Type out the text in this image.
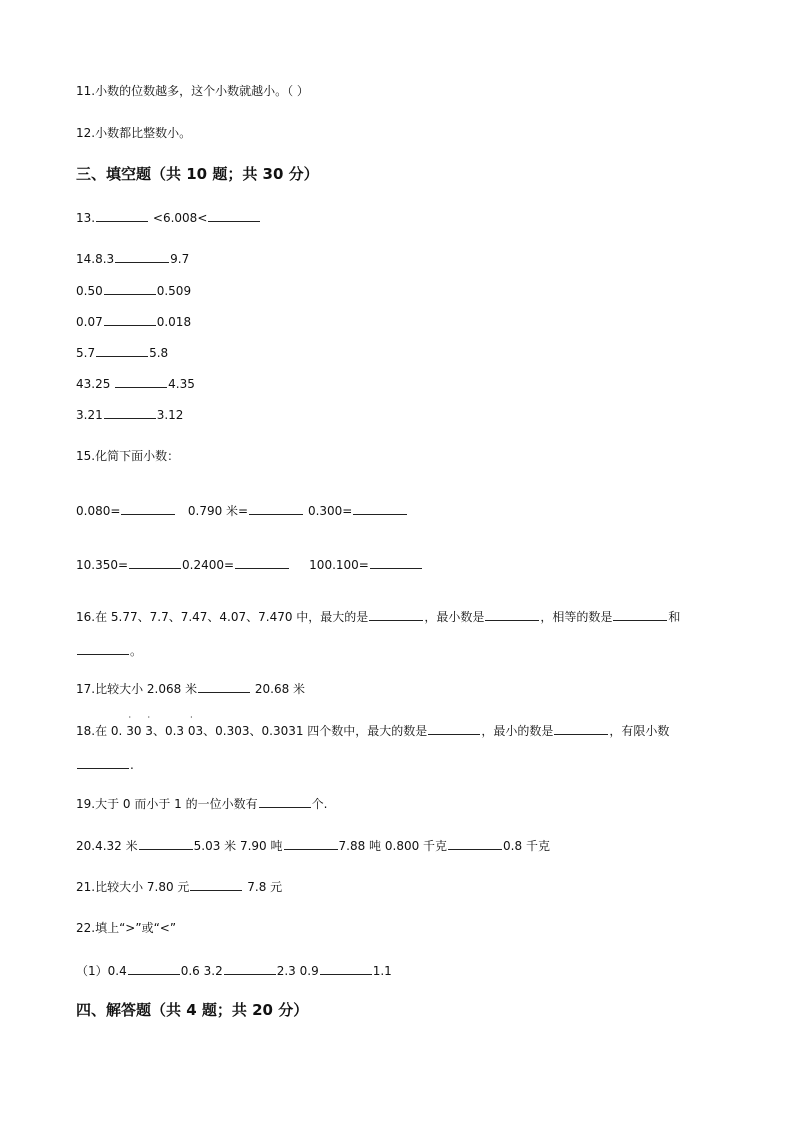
11.小数的位数越多，这个小数就越小。（ ）
12.小数都比整数小。
三、填空题（共 10 题；共 30 分）
13.	<6.008<
14.8.3	9.7
0.50	0.509
0.07	0.018
5.7	5.8
43.25	4.35
3.21	3.12
15.化简下面小数：
0.080=	0.790 米=	0.300=
10.350=	0.2400=	100.100=
16.在 5.77、7.7、7.47、4.07、7.470 中，最大的是	，最小数是	，相等的数是	和
。
17.比较大小 2.068 米	20.68 米
18.在 0. ˙ 30 ˙ 3、0.3 ˙ 03、0.303、0.3031 四个数中，最大的数是	，最小的数是	，有限小数
.
19.大于 0 而小于 1 的一位小数有	个.
20.4.32 米	5.03 米 7.90 吨	7.88 吨 0.800 千克	0.8 千克
21.比较大小 7.80 元	7.8 元
22.填上“>”或“<”
（1）0.4	0.6 3.2	2.3 0.9	1.1
四、解答题（共 4 题；共 20 分）
